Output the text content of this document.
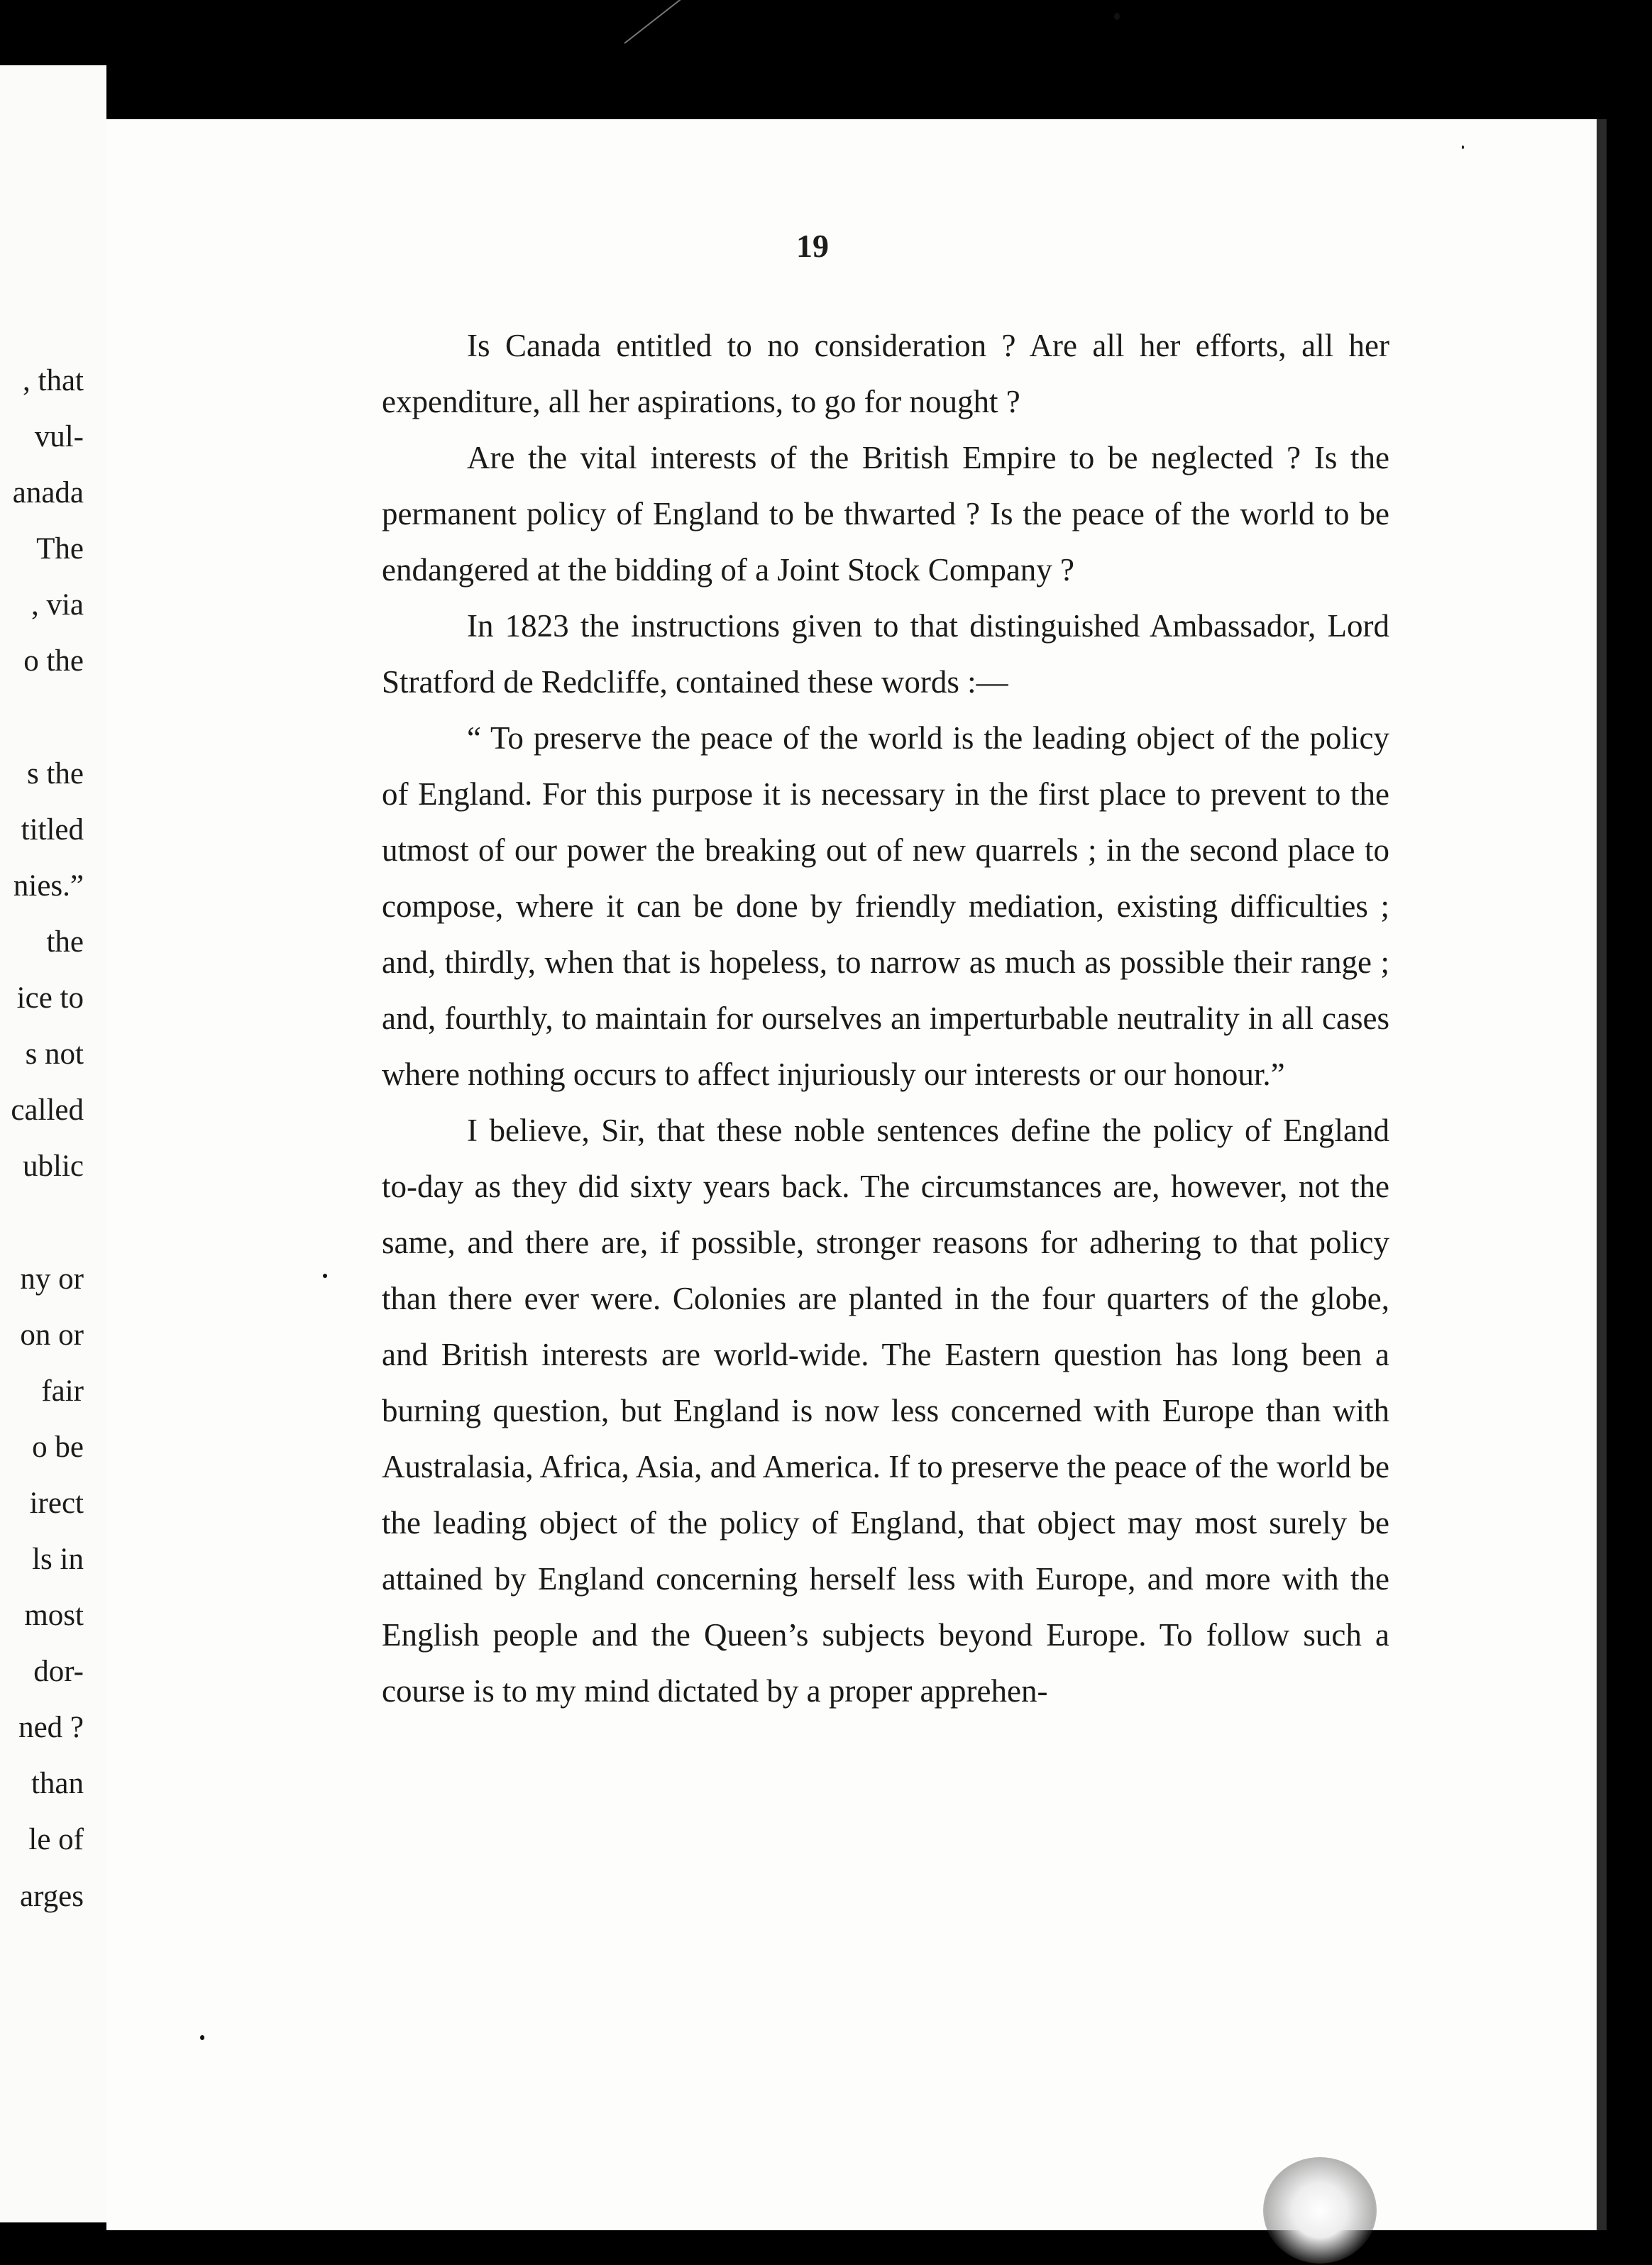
, that
vul-
anada
The
, via
o the
s the
titled
nies.”
the
ice to
s not
called
ublic
ny or
on or
fair
o be
irect
ls in
most
dor-
ned ?
than
le of
arges
19

Is Canada entitled to no consideration ? Are all her efforts, all her expenditure, all her aspirations, to go for nought ?

Are the vital interests of the British Empire to be neglected ? Is the permanent policy of England to be thwarted ? Is the peace of the world to be endangered at the bidding of a Joint Stock Company ?

In 1823 the instructions given to that distinguished Ambassador, Lord Stratford de Redcliffe, contained these words :—

“ To preserve the peace of the world is the leading object of the policy of England. For this purpose it is necessary in the first place to prevent to the utmost of our power the breaking out of new quarrels ; in the second place to compose, where it can be done by friendly mediation, existing difficulties ; and, thirdly, when that is hopeless, to narrow as much as possible their range ; and, fourthly, to maintain for ourselves an imperturbable neutrality in all cases where nothing occurs to affect injuriously our interests or our honour.”

I believe, Sir, that these noble sentences define the policy of England to-day as they did sixty years back. The circumstances are, however, not the same, and there are, if possible, stronger reasons for adhering to that policy than there ever were. Colonies are planted in the four quarters of the globe, and British interests are world-wide. The Eastern question has long been a burning question, but England is now less concerned with Europe than with Australasia, Africa, Asia, and America. If to preserve the peace of the world be the leading object of the policy of England, that object may most surely be attained by England concerning herself less with Europe, and more with the English people and the Queen’s subjects beyond Europe. To follow such a course is to my mind dictated by a proper apprehen-
